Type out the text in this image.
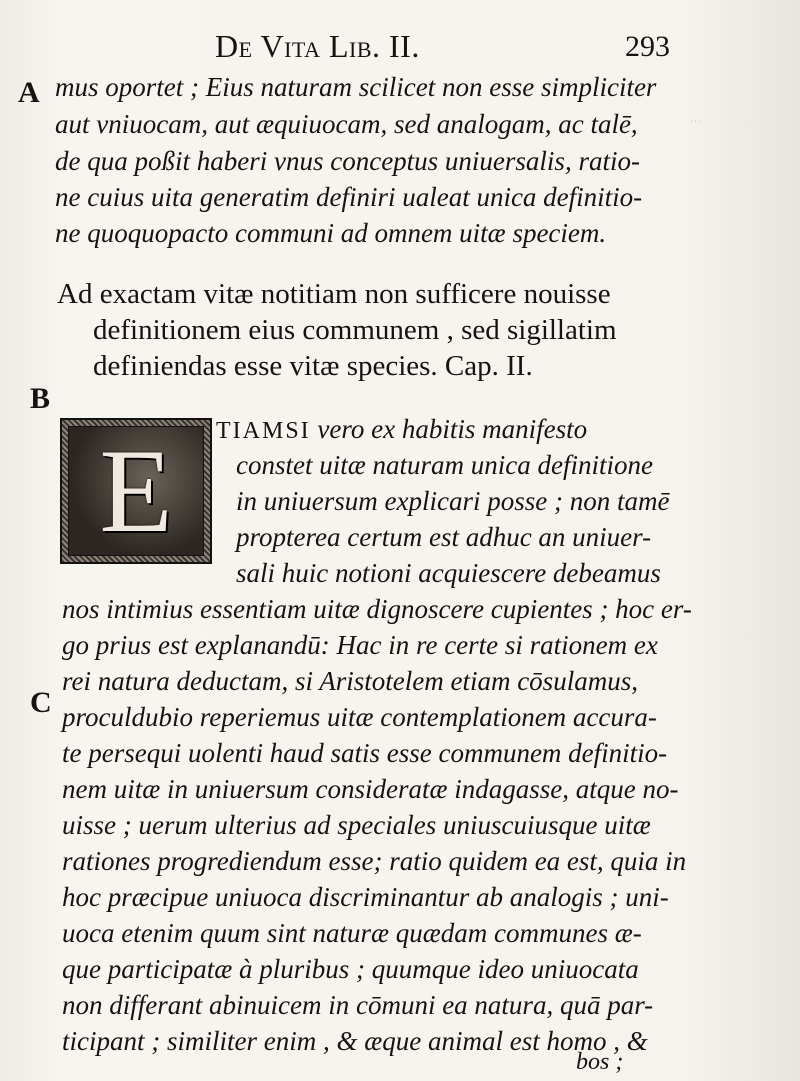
…
De Vita Lib. II.	293
A
B
C
mus oportet ; Eius naturam scilicet non esse simpliciter
aut vniuocam, aut æquiuocam, sed analogam, ac talē,
de qua poßit haberi vnus conceptus uniuersalis, ratio-
ne cuius uita generatim definiri ualeat unica definitio-
ne quoquopacto communi ad omnem uitæ speciem.
Ad exactam vitæ notitiam non sufficere nouisse
definitionem eius communem , sed sigillatim
definiendas esse vitæ species. Cap. II.
E TIAMSI vero ex habitis manifesto
constet uitæ naturam unica definitione
in uniuersum explicari posse ; non tamē
propterea certum est adhuc an uniuer-
sali huic notioni acquiescere debeamus
nos intimius essentiam uitæ dignoscere cupientes ; hoc er-
go prius est explanandū: Hac in re certe si rationem ex
rei natura deductam, si Aristotelem etiam cōsulamus,
proculdubio reperiemus uitæ contemplationem accura-
te persequi uolenti haud satis esse communem definitio-
nem uitæ in uniuersum consideratæ indagasse, atque no-
uisse ; uerum ulterius ad speciales uniuscuiusque uitæ
rationes progrediendum esse; ratio quidem ea est, quia in
hoc præcipue uniuoca discriminantur ab analogis ; uni-
uoca etenim quum sint naturæ quædam communes æ-
que participatæ à pluribus ; quumque ideo uniuocata
non differant abinuicem in cōmuni ea natura, quā par-
ticipant ; similiter enim , & æque animal est homo , &
bos ;
